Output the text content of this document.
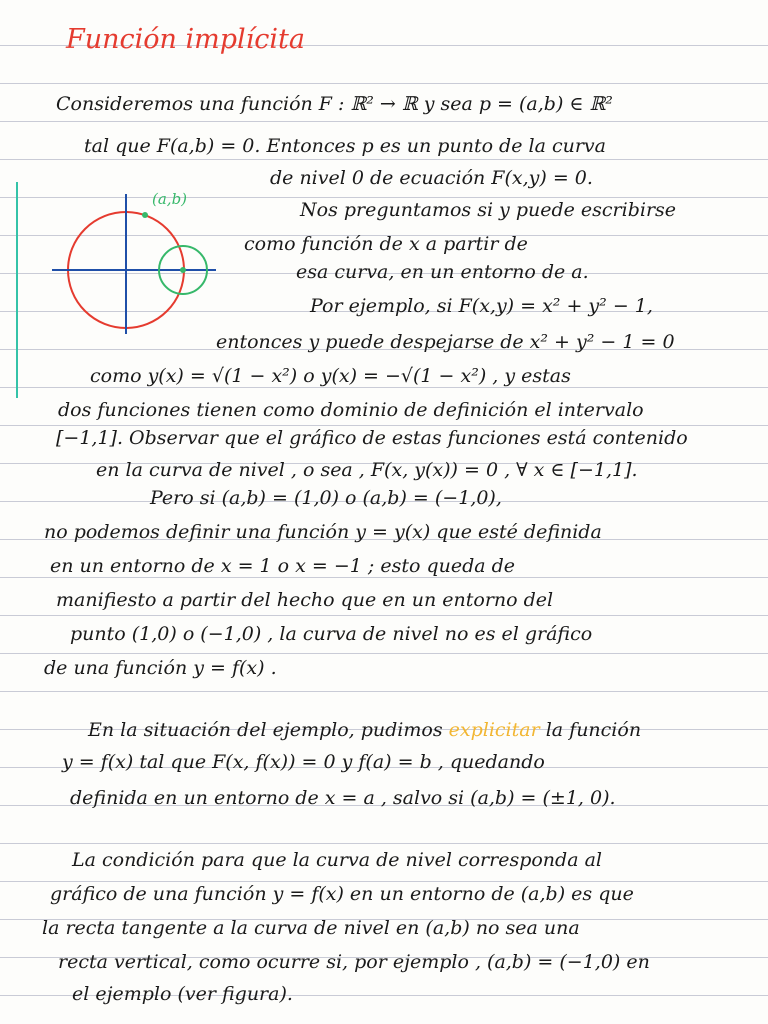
Función implícita
(a,b)
Consideremos una función F : ℝ² → ℝ y sea p = (a,b) ∈ ℝ²
tal que F(a,b) = 0. Entonces p es un punto de la curva
de nivel 0 de ecuación F(x,y) = 0.
Nos preguntamos si y puede escribirse
como función de x a partir de
esa curva, en un entorno de a.
Por ejemplo, si F(x,y) = x² + y² − 1,
entonces y puede despejarse de x² + y² − 1 = 0
como y(x) = √(1 − x²) o y(x) = −√(1 − x²) , y estas
dos funciones tienen como dominio de definición el intervalo
[−1,1]. Observar que el gráfico de estas funciones está contenido
en la curva de nivel , o sea , F(x, y(x)) = 0 , ∀ x ∈ [−1,1].
Pero si (a,b) = (1,0) o (a,b) = (−1,0),
no podemos definir una función y = y(x) que esté definida
en un entorno de x = 1 o x = −1 ; esto queda de
manifiesto a partir del hecho que en un entorno del
punto (1,0) o (−1,0) , la curva de nivel no es el gráfico
de una función y = f(x) .
En la situación del ejemplo, pudimos explicitar la función
y = f(x) tal que F(x, f(x)) = 0 y f(a) = b , quedando
definida en un entorno de x = a , salvo si (a,b) = (±1, 0).
La condición para que la curva de nivel corresponda al
gráfico de una función y = f(x) en un entorno de (a,b) es que
la recta tangente a la curva de nivel en (a,b) no sea una
recta vertical, como ocurre si, por ejemplo , (a,b) = (−1,0) en
el ejemplo (ver figura).
